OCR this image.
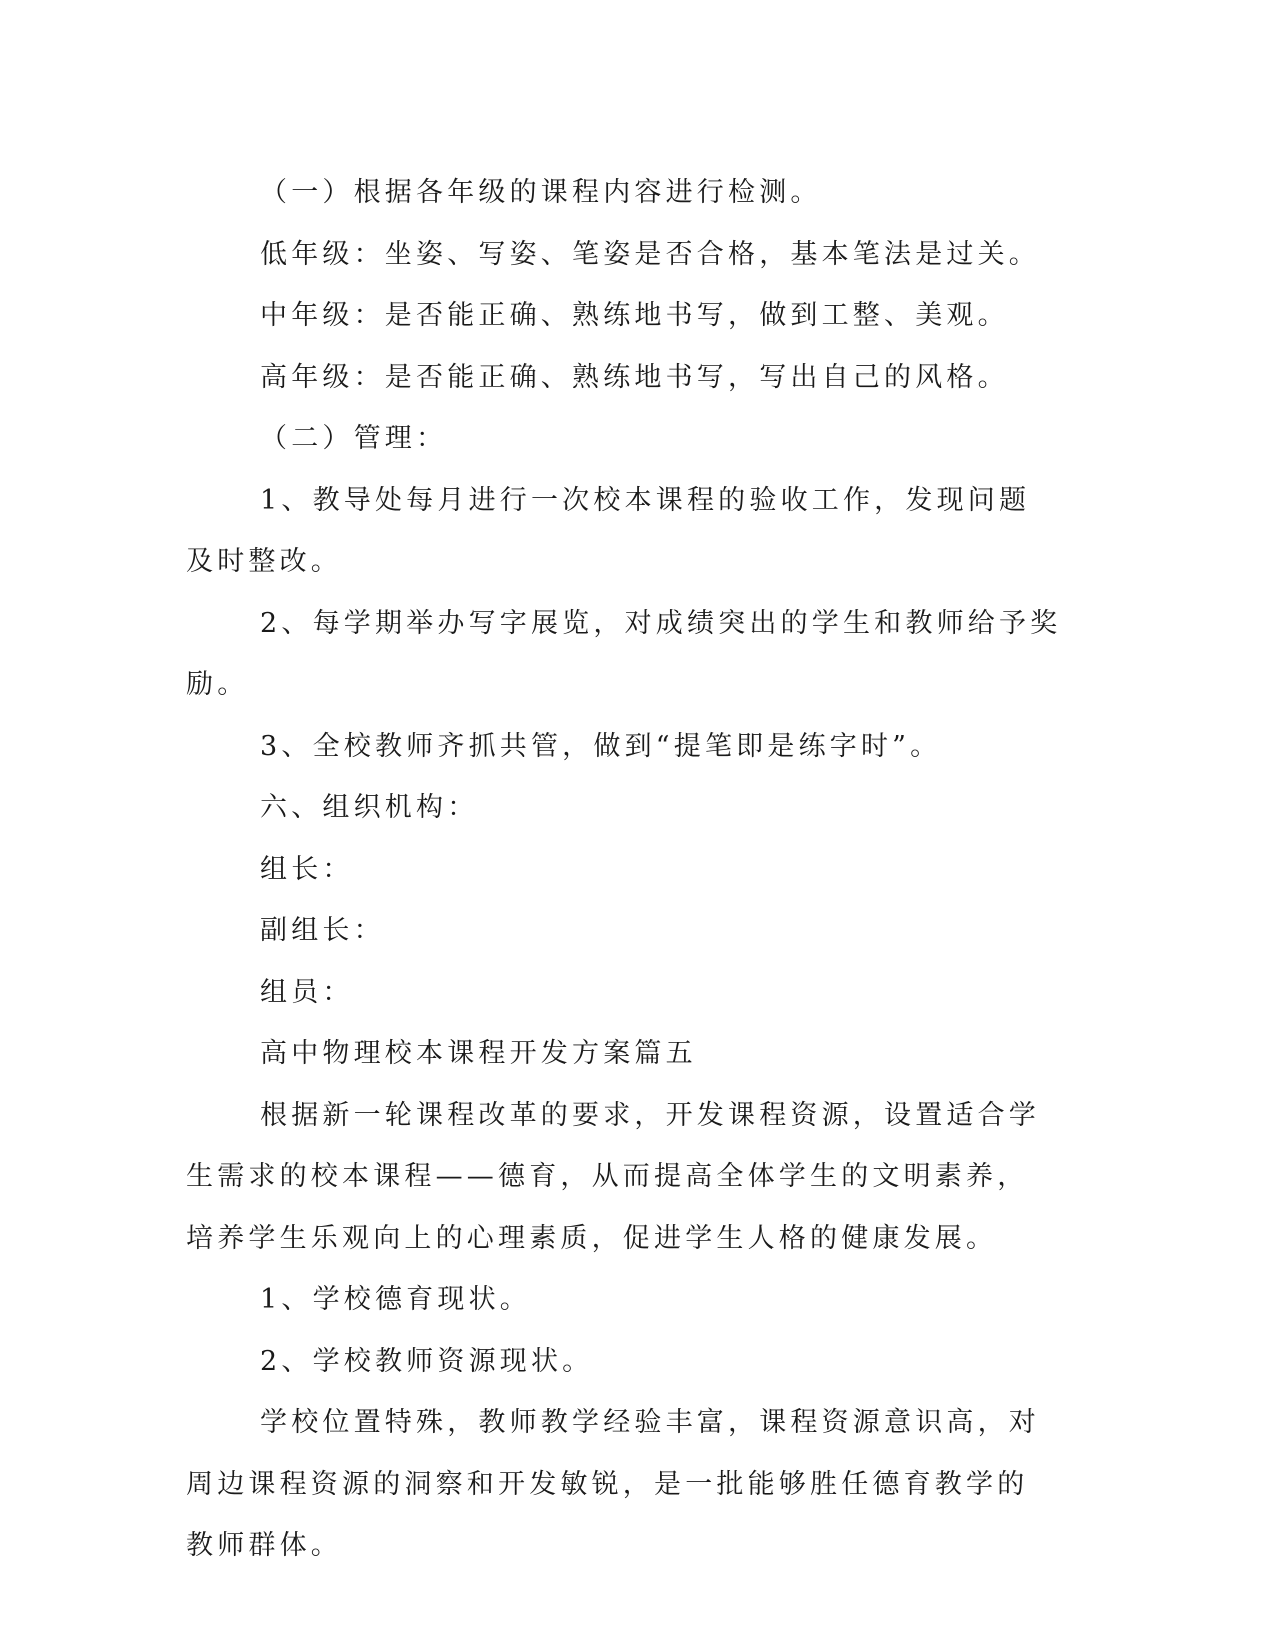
（一）根据各年级的课程内容进行检测。

低年级：坐姿、写姿、笔姿是否合格，基本笔法是过关。

中年级：是否能正确、熟练地书写，做到工整、美观。

高年级：是否能正确、熟练地书写，写出自己的风格。

（二）管理：

1、教导处每月进行一次校本课程的验收工作，发现问题及时整改。

2、每学期举办写字展览，对成绩突出的学生和教师给予奖励。

3、全校教师齐抓共管，做到“提笔即是练字时”。

六、组织机构：

组长：

副组长：

组员：

高中物理校本课程开发方案篇五

根据新一轮课程改革的要求，开发课程资源，设置适合学生需求的校本课程——德育，从而提高全体学生的文明素养，培养学生乐观向上的心理素质，促进学生人格的健康发展。

1、学校德育现状。

2、学校教师资源现状。

学校位置特殊，教师教学经验丰富，课程资源意识高，对周边课程资源的洞察和开发敏锐，是一批能够胜任德育教学的教师群体。
